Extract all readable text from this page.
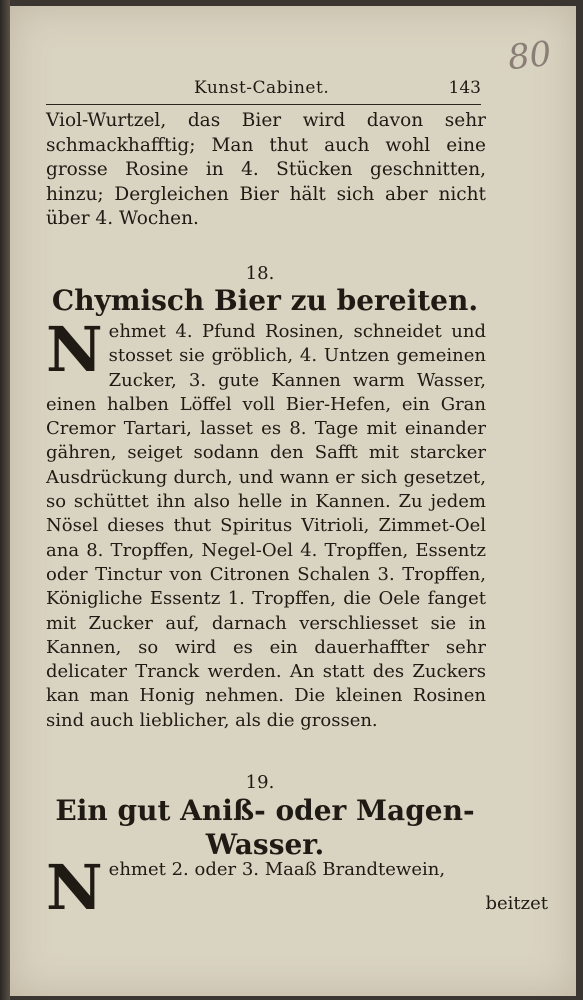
80
Kunst-Cabinet.	143
Viol-Wurtzel, das Bier wird davon sehr schmackhafftig; Man thut auch wohl eine grosse Rosine in 4. Stücken geschnitten, hinzu; Dergleichen Bier hält sich aber nicht über 4. Wochen.
18.
Chymisch Bier zu bereiten.
Nehmet 4. Pfund Rosinen, schneidet und stosset sie gröblich, 4. Untzen gemeinen Zucker, 3. gute Kannen warm Wasser, einen halben Löffel voll Bier-Hefen, ein Gran Cremor Tartari, lasset es 8. Tage mit einander gähren, seiget sodann den Safft mit starcker Ausdrückung durch, und wann er sich gesetzet, so schüttet ihn also helle in Kannen. Zu jedem Nösel dieses thut Spiritus Vitrioli, Zimmet-Oel ana 8. Tropffen, Negel-Oel 4. Tropffen, Essentz oder Tinctur von Citronen Schalen 3. Tropffen, Königliche Essentz 1. Tropffen, die Oele fanget mit Zucker auf, darnach verschliesset sie in Kannen, so wird es ein dauerhaffter sehr delicater Tranck werden. An statt des Zuckers kan man Honig nehmen. Die kleinen Rosinen sind auch lieblicher, als die grossen.
19.
Ein gut Aniß- oder Magen-Wasser.
Nehmet 2. oder 3. Maaß Brandtewein,
beitzet
